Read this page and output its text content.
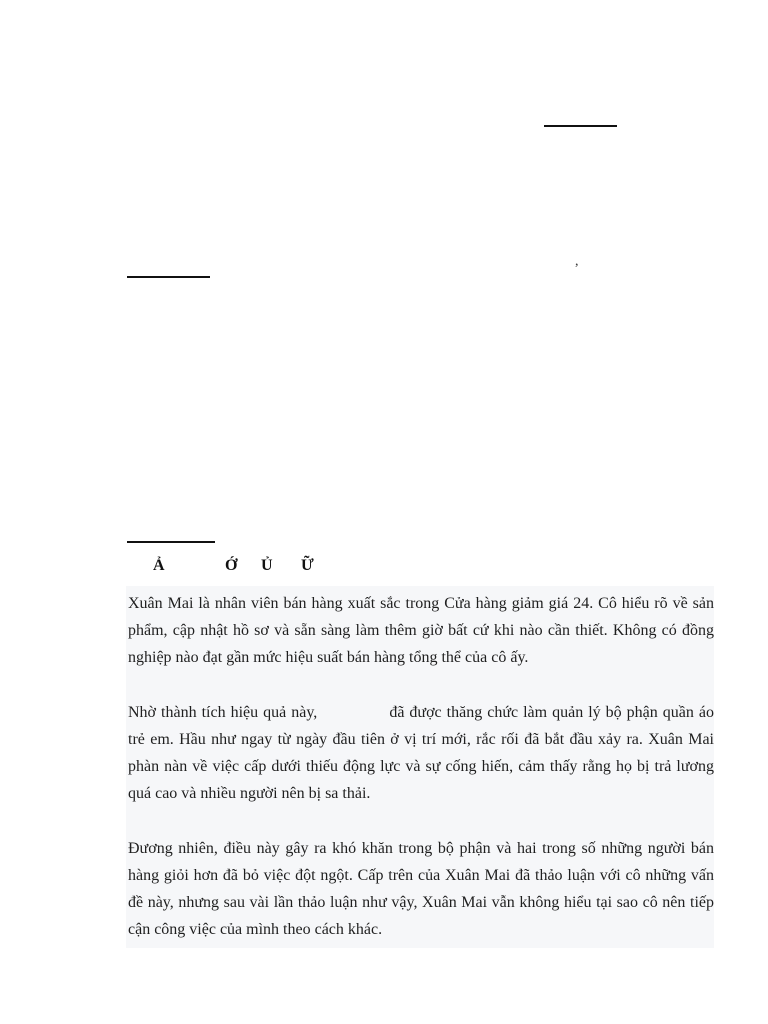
,
Ả	Ớ Ủ Ữ

Xuân Mai là nhân viên bán hàng xuất sắc trong Cửa hàng giảm giá 24. Cô hiểu rõ về sản phẩm, cập nhật hồ sơ và sẵn sàng làm thêm giờ bất cứ khi nào cần thiết. Không có đồng nghiệp nào đạt gần mức hiệu suất bán hàng tổng thể của cô ấy.

Nhờ thành tích hiệu quả này,	đã được thăng chức làm quản lý bộ phận quần áo trẻ em. Hầu như ngay từ ngày đầu tiên ở vị trí mới, rắc rối đã bắt đầu xảy ra. Xuân Mai phàn nàn về việc cấp dưới thiếu động lực và sự cống hiến, cảm thấy rằng họ bị trả lương quá cao và nhiều người nên bị sa thải.

Đương nhiên, điều này gây ra khó khăn trong bộ phận và hai trong số những người bán hàng giỏi hơn đã bỏ việc đột ngột. Cấp trên của Xuân Mai đã thảo luận với cô những vấn đề này, nhưng sau vài lần thảo luận như vậy, Xuân Mai vẫn không hiểu tại sao cô nên tiếp cận công việc của mình theo cách khác.
